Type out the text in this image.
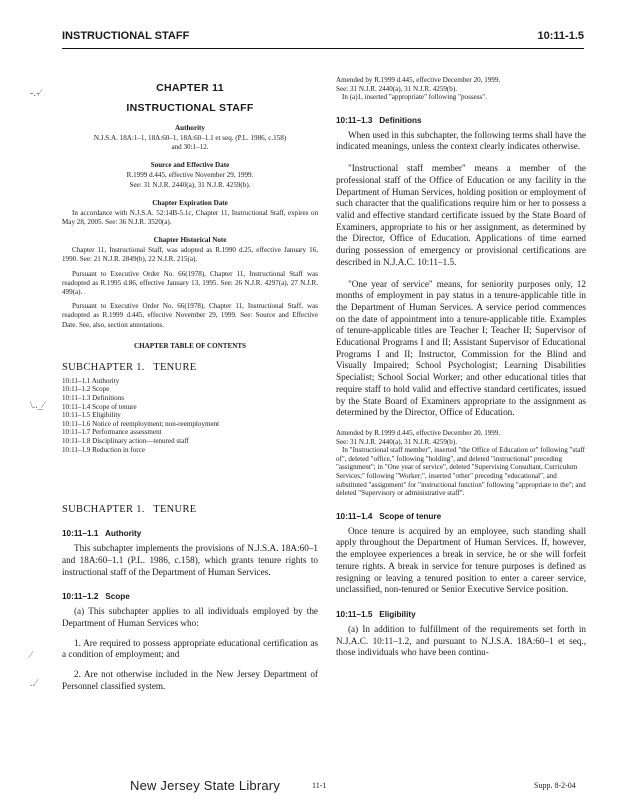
INSTRUCTIONAL STAFF	10:11-1.5
-.-⁄
\.._⁄
⁄
..⁄
CHAPTER 11
INSTRUCTIONAL STAFF
Authority

N.J.S.A. 18A:1–1, 18A:60–1, 18A:60–1.1 et seq. (P.L. 1986, c.158) and 30:1–12.

Source and Effective Date

R.1999 d.445, effective November 29, 1999.

See: 31 N.J.R. 2440(a), 31 N.J.R. 4259(b).

Chapter Expiration Date

In accordance with N.J.S.A. 52:14B-5.1c, Chapter 11, Instructional Staff, expires on May 28, 2005. See: 36 N.J.R. 3520(a).

Chapter Historical Note

Chapter 11, Instructional Staff, was adopted as R.1990 d.25, effective January 16, 1990. See: 21 N.J.R. 2849(b), 22 N.J.R. 215(a).

Pursuant to Executive Order No. 66(1978), Chapter 11, Instructional Staff was readopted as R.1995 d.86, effective January 13, 1995. See: 26 N.J.R. 4297(a), 27 N.J.R. 499(a).

Pursuant to Executive Order No. 66(1978), Chapter 11, Instructional Staff, was readopted as R.1999 d.445, effective November 29, 1999. See: Source and Effective Date. See, also, section annotations.

CHAPTER TABLE OF CONTENTS
SUBCHAPTER 1.   TENURE
10:11–1.1 Authority
10:11–1.2 Scope
10:11–1.3 Definitions
10:11–1.4 Scope of tenure
10:11–1.5 Eligibility
10:11–1.6 Notice of reemployment; non-reemployment
10:11–1.7 Performance assessment
10:11–1.8 Disciplinary action—tenured staff
10:11–1.9 Reduction in force
SUBCHAPTER 1.   TENURE
10:11–1.1   Authority

This subchapter implements the provisions of N.J.S.A. 18A:60–1 and 18A:60–1.1 (P.L. 1986, c.158), which grants tenure rights to instructional staff of the Department of Human Services.

10:11–1.2   Scope

(a) This subchapter applies to all individuals employed by the Department of Human Services who:

1. Are required to possess appropriate educational certification as a condition of employment; and

2. Are not otherwise included in the New Jersey Department of Personnel classified system.

Amended by R.1999 d.445, effective December 20, 1999.
See: 31 N.J.R. 2440(a), 31 N.J.R. 4259(b).
In (a)1, inserted "appropriate" following "possess".

10:11–1.3   Definitions

When used in this subchapter, the following terms shall have the indicated meanings, unless the context clearly indicates otherwise.

"Instructional staff member" means a member of the professional staff of the Office of Education or any facility in the Department of Human Services, holding position or employment of such character that the qualifications require him or her to possess a valid and effective standard certificate issued by the State Board of Examiners, appropriate to his or her assignment, as determined by the Director, Office of Education. Applications of time earned during possession of emergency or provisional certifications are described in N.J.A.C. 10:11–1.5.

"One year of service" means, for seniority purposes only, 12 months of employment in pay status in a tenure-applicable title in the Department of Human Services. A service period commences on the date of appointment into a tenure-applicable title. Examples of tenure-applicable titles are Teacher I; Teacher II; Supervisor of Educational Programs I and II; Assistant Supervisor of Educational Programs I and II; Instructor, Commission for the Blind and Visually Impaired; School Psychologist; Learning Disabilities Specialist; School Social Worker; and other educational titles that require staff to hold valid and effective standard certificates, issued by the State Board of Examiners appropriate to the assignment as determined by the Director, Office of Education.

Amended by R.1999 d.445, effective December 20, 1999.
See: 31 N.J.R. 2440(a), 31 N.J.R. 4259(b).
In "Instructional staff member", inserted "the Office of Education or" following "staff of", deleted "office," following "holding", and deleted "instructional" preceding "assignment"; in "One year of service", deleted "Supervising Consultant, Curriculum Services;" following "Worker;", inserted "other" preceding "educational", and substituted "assignment" for "instructional function" following "appropriate to the"; and deleted "Supervisory or administrative staff".

10:11–1.4   Scope of tenure

Once tenure is acquired by an employee, such standing shall apply throughout the Department of Human Services. If, however, the employee experiences a break in service, he or she will forfeit tenure rights. A break in service for tenure purposes is defined as resigning or leaving a tenured position to enter a career service, unclassified, non-tenured or Senior Executive Service position.

10:11–1.5   Eligibility

(a) In addition to fulfillment of the requirements set forth in N.J.A.C. 10:11–1.2, and pursuant to N.J.S.A. 18A:60–1 et seq., those individuals who have been continu-

New Jersey State Library	11-1	Supp. 8-2-04
